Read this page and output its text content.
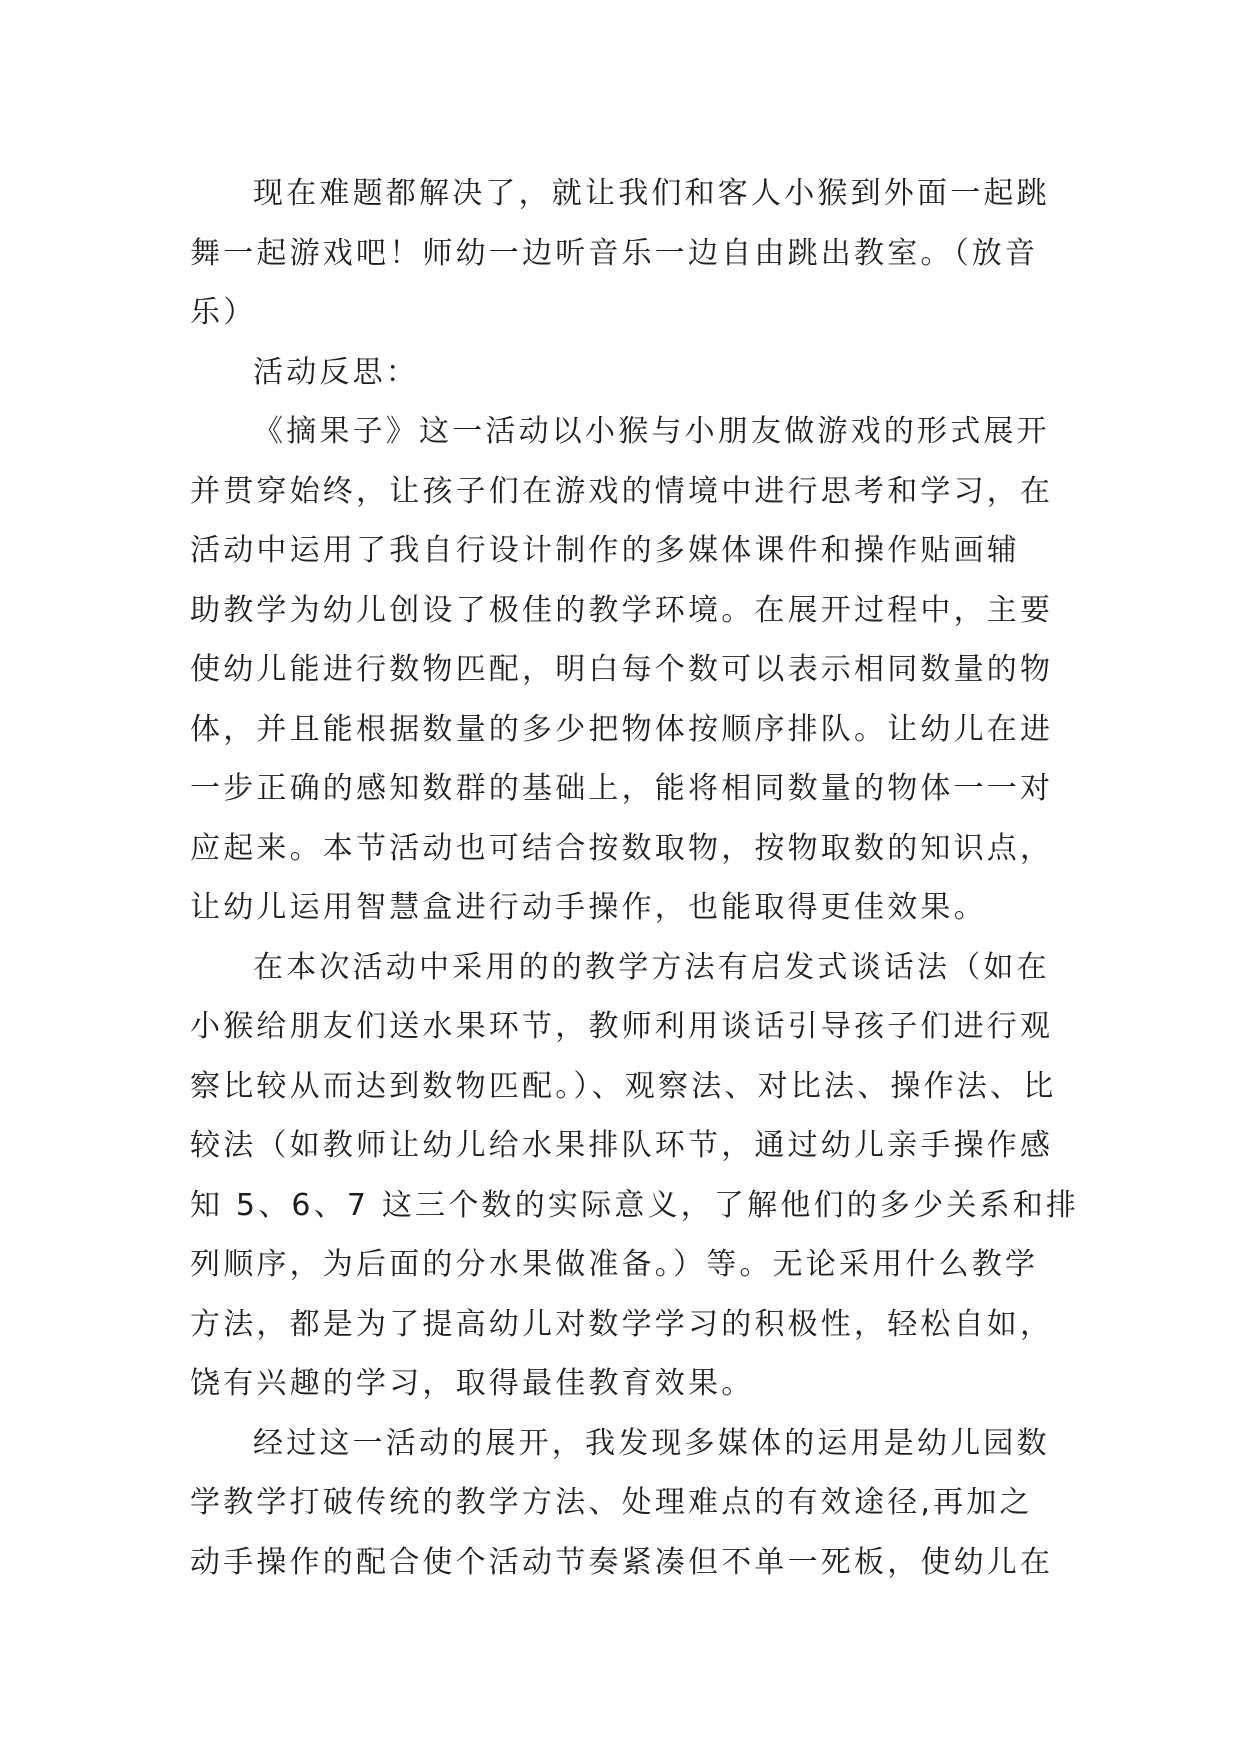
现在难题都解决了，就让我们和客人小猴到外面一起跳
舞一起游戏吧！师幼一边听音乐一边自由跳出教室。（放音
乐）
活动反思：
《摘果子》这一活动以小猴与小朋友做游戏的形式展开
并贯穿始终，让孩子们在游戏的情境中进行思考和学习，在
活动中运用了我自行设计制作的多媒体课件和操作贴画辅
助教学为幼儿创设了极佳的教学环境。在展开过程中，主要
使幼儿能进行数物匹配，明白每个数可以表示相同数量的物
体，并且能根据数量的多少把物体按顺序排队。让幼儿在进
一步正确的感知数群的基础上，能将相同数量的物体一一对
应起来。本节活动也可结合按数取物，按物取数的知识点，
让幼儿运用智慧盒进行动手操作，也能取得更佳效果。
在本次活动中采用的的教学方法有启发式谈话法（如在
小猴给朋友们送水果环节，教师利用谈话引导孩子们进行观
察比较从而达到数物匹配。）、观察法、对比法、操作法、比
较法（如教师让幼儿给水果排队环节，通过幼儿亲手操作感
知 5、6、7 这三个数的实际意义，了解他们的多少关系和排
列顺序，为后面的分水果做准备。）等。无论采用什么教学
方法，都是为了提高幼儿对数学学习的积极性，轻松自如，
饶有兴趣的学习，取得最佳教育效果。
经过这一活动的展开，我发现多媒体的运用是幼儿园数
学教学打破传统的教学方法、处理难点的有效途径,再加之
动手操作的配合使个活动节奏紧凑但不单一死板，使幼儿在
